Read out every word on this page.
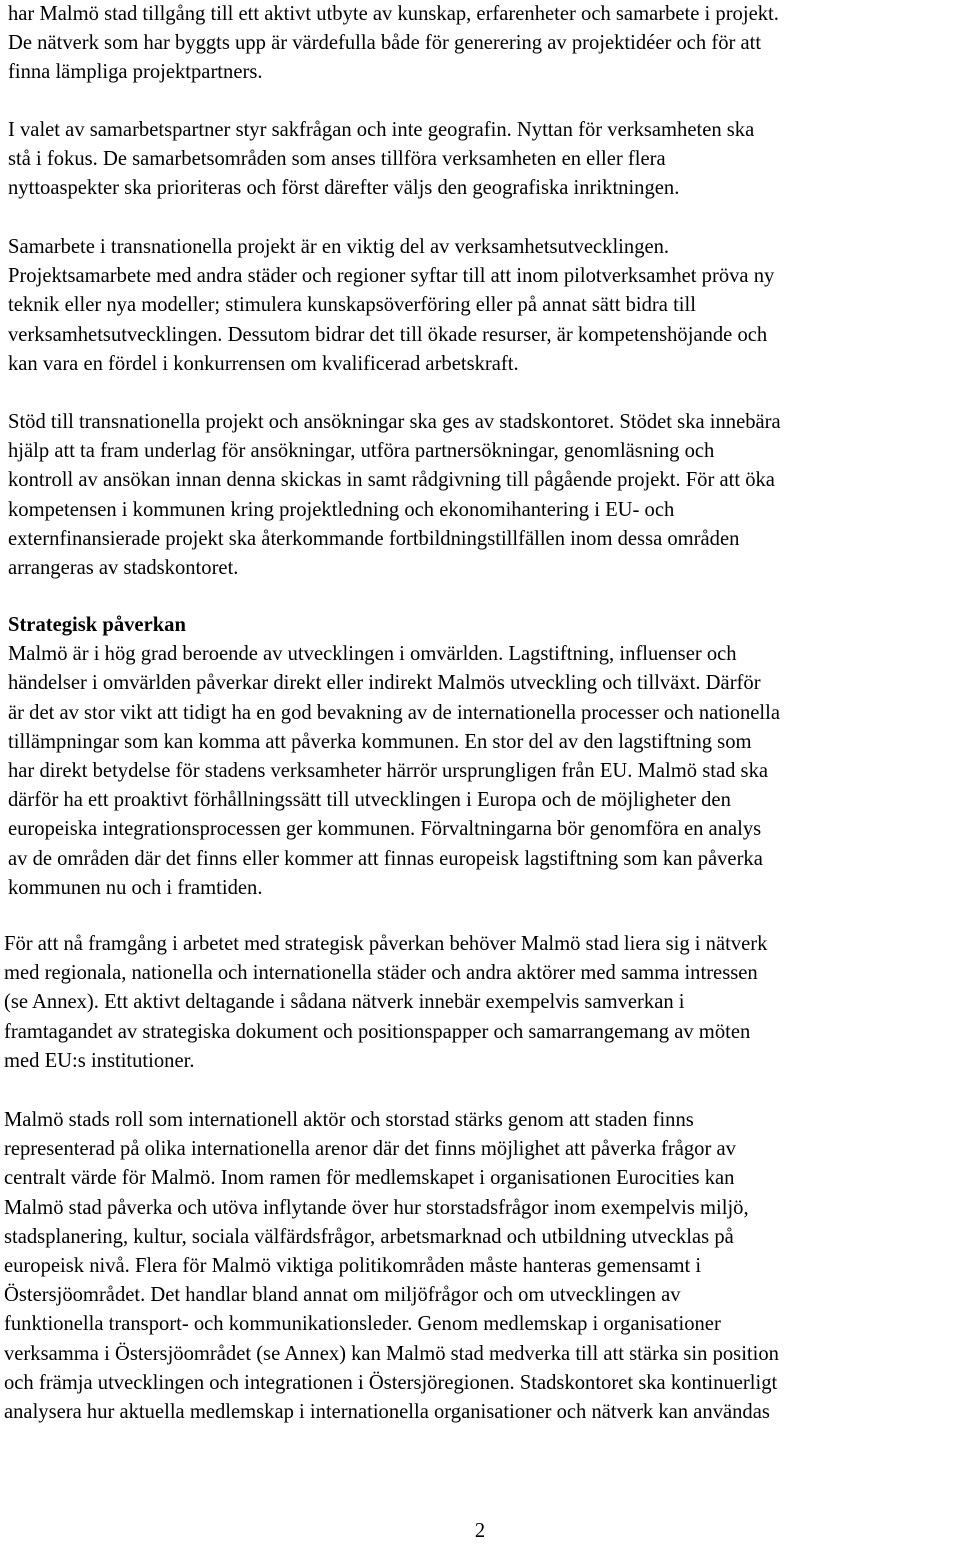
har Malmö stad tillgång till ett aktivt utbyte av kunskap, erfarenheter och samarbete i projekt.
De nätverk som har byggts upp är värdefulla både för generering av projektidéer och för att
finna lämpliga projektpartners.
I valet av samarbetspartner styr sakfrågan och inte geografin. Nyttan för verksamheten ska
stå i fokus. De samarbetsområden som anses tillföra verksamheten en eller flera
nyttoaspekter ska prioriteras och först därefter väljs den geografiska inriktningen.
Samarbete i transnationella projekt är en viktig del av verksamhetsutvecklingen.
Projektsamarbete med andra städer och regioner syftar till att inom pilotverksamhet pröva ny
teknik eller nya modeller; stimulera kunskapsöverföring eller på annat sätt bidra till
verksamhetsutvecklingen. Dessutom bidrar det till ökade resurser, är kompetenshöjande och
kan vara en fördel i konkurrensen om kvalificerad arbetskraft.
Stöd till transnationella projekt och ansökningar ska ges av stadskontoret. Stödet ska innebära
hjälp att ta fram underlag för ansökningar, utföra partnersökningar, genomläsning och
kontroll av ansökan innan denna skickas in samt rådgivning till pågående projekt. För att öka
kompetensen i kommunen kring projektledning och ekonomihantering i EU- och
externfinansierade projekt ska återkommande fortbildningstillfällen inom dessa områden
arrangeras av stadskontoret.
Strategisk påverkan
Malmö är i hög grad beroende av utvecklingen i omvärlden. Lagstiftning, influenser och
händelser i omvärlden påverkar direkt eller indirekt Malmös utveckling och tillväxt. Därför
är det av stor vikt att tidigt ha en god bevakning av de internationella processer och nationella
tillämpningar som kan komma att påverka kommunen. En stor del av den lagstiftning som
har direkt betydelse för stadens verksamheter härrör ursprungligen från EU. Malmö stad ska
därför ha ett proaktivt förhållningssätt till utvecklingen i Europa och de möjligheter den
europeiska integrationsprocessen ger kommunen. Förvaltningarna bör genomföra en analys
av de områden där det finns eller kommer att finnas europeisk lagstiftning som kan påverka
kommunen nu och i framtiden.
För att nå framgång i arbetet med strategisk påverkan behöver Malmö stad liera sig i nätverk
med regionala, nationella och internationella städer och andra aktörer med samma intressen
(se Annex). Ett aktivt deltagande i sådana nätverk innebär exempelvis samverkan i
framtagandet av strategiska dokument och positionspapper och samarrangemang av möten
med EU:s institutioner.
Malmö stads roll som internationell aktör och storstad stärks genom att staden finns
representerad på olika internationella arenor där det finns möjlighet att påverka frågor av
centralt värde för Malmö. Inom ramen för medlemskapet i organisationen Eurocities kan
Malmö stad påverka och utöva inflytande över hur storstadsfrågor inom exempelvis miljö,
stadsplanering, kultur, sociala välfärdsfrågor, arbetsmarknad och utbildning utvecklas på
europeisk nivå. Flera för Malmö viktiga politikområden måste hanteras gemensamt i
Östersjöområdet. Det handlar bland annat om miljöfrågor och om utvecklingen av
funktionella transport- och kommunikationsleder. Genom medlemskap i organisationer
verksamma i Östersjöområdet (se Annex) kan Malmö stad medverka till att stärka sin position
och främja utvecklingen och integrationen i Östersjöregionen. Stadskontoret ska kontinuerligt
analysera hur aktuella medlemskap i internationella organisationer och nätverk kan användas
2
